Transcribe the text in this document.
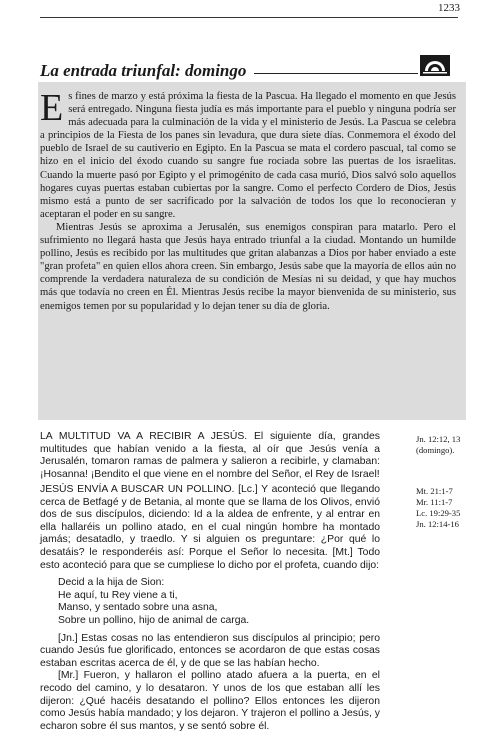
1233
La entrada triunfal: domingo

Es fines de marzo y está próxima la fiesta de la Pascua. Ha llegado el momento en que Jesús será entregado. Ninguna fiesta judía es más importante para el pueblo y ninguna podría ser más adecuada para la culminación de la vida y el ministerio de Jesús. La Pascua se celebra a principios de la Fiesta de los panes sin levadura, que dura siete días. Conmemora el éxodo del pueblo de Israel de su cautiverio en Egipto. En la Pascua se mata el cordero pascual, tal como se hizo en el inicio del éxodo cuando su sangre fue rociada sobre las puertas de los israelitas. Cuando la muerte pasó por Egipto y el primogénito de cada casa murió, Dios salvó solo aquellos hogares cuyas puertas estaban cubiertas por la sangre. Como el perfecto Cordero de Dios, Jesús mismo está a punto de ser sacrificado por la salvación de todos los que lo reconocieran y aceptaran el poder en su sangre.

Mientras Jesús se aproxima a Jerusalén, sus enemigos conspiran para matarlo. Pero el sufrimiento no llegará hasta que Jesús haya entrado triunfal a la ciudad. Montando un humilde pollino, Jesús es recibido por las multitudes que gritan alabanzas a Dios por haber enviado a este "gran profeta" en quien ellos ahora creen. Sin embargo, Jesús sabe que la mayoría de ellos aún no comprende la verdadera naturaleza de su condición de Mesías ni su deidad, y que hay muchos más que todavía no creen en Él. Mientras Jesús recibe la mayor bienvenida de su ministerio, sus enemigos temen por su popularidad y lo dejan tener su día de gloria.

LA MULTITUD VA A RECIBIR A JESÚS. El siguiente día, grandes multitudes que habían venido a la fiesta, al oír que Jesús venía a Jerusalén, tomaron ramas de palmera y salieron a recibirle, y clamaban: ¡Hosanna! ¡Bendito el que viene en el nombre del Señor, el Rey de Israel!

Jn. 12:12, 13
(domingo).

JESÚS ENVÍA A BUSCAR UN POLLINO. [Lc.] Y aconteció que llegando cerca de Betfagé y de Betania, al monte que se llama de los Olivos, envió dos de sus discípulos, diciendo: Id a la aldea de enfrente, y al entrar en ella hallaréis un pollino atado, en el cual ningún hombre ha montado jamás; desatadlo, y traedlo. Y si alguien os preguntare: ¿Por qué lo desatáis? le responderéis así: Porque el Señor lo necesita. [Mt.] Todo esto aconteció para que se cumpliese lo dicho por el profeta, cuando dijo:

Decid a la hija de Sion:
He aquí, tu Rey viene a ti,
Manso, y sentado sobre una asna,
Sobre un pollino, hijo de animal de carga.

[Jn.] Estas cosas no las entendieron sus discípulos al principio; pero cuando Jesús fue glorificado, entonces se acordaron de que estas cosas estaban escritas acerca de él, y de que se las habían hecho.

[Mr.] Fueron, y hallaron el pollino atado afuera a la puerta, en el recodo del camino, y lo desataron. Y unos de los que estaban allí les dijeron: ¿Qué hacéis desatando el pollino? Ellos entonces les dijeron como Jesús había mandado; y los dejaron. Y trajeron el pollino a Jesús, y echaron sobre él sus mantos, y se sentó sobre él.

Mt. 21:1-7
Mr. 11:1-7
Lc. 19:29-35
Jn. 12:14-16
